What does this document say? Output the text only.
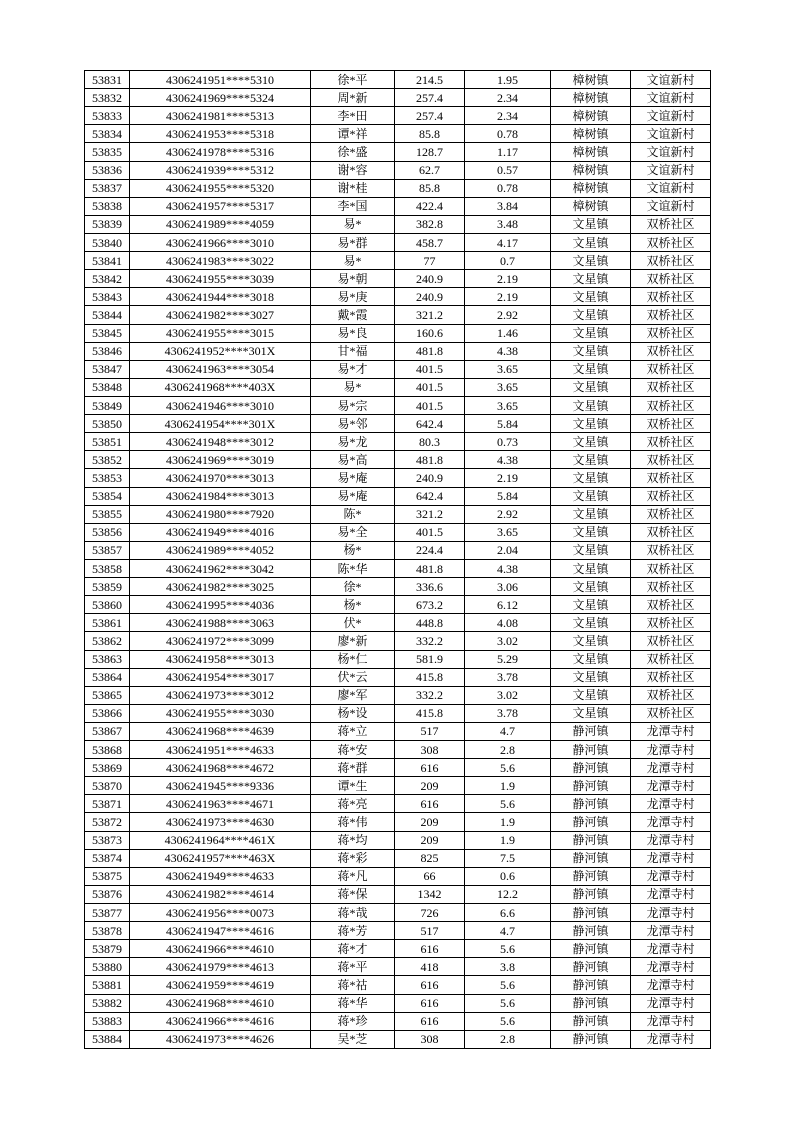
53831	4306241951****5310	徐*平	214.5	1.95	樟树镇	文谊新村
53832	4306241969****5324	周*新	257.4	2.34	樟树镇	文谊新村
53833	4306241981****5313	李*田	257.4	2.34	樟树镇	文谊新村
53834	4306241953****5318	谭*祥	85.8	0.78	樟树镇	文谊新村
53835	4306241978****5316	徐*盛	128.7	1.17	樟树镇	文谊新村
53836	4306241939****5312	谢*容	62.7	0.57	樟树镇	文谊新村
53837	4306241955****5320	谢*桂	85.8	0.78	樟树镇	文谊新村
53838	4306241957****5317	李*国	422.4	3.84	樟树镇	文谊新村
53839	4306241989****4059	易*	382.8	3.48	文星镇	双桥社区
53840	4306241966****3010	易*群	458.7	4.17	文星镇	双桥社区
53841	4306241983****3022	易*	77	0.7	文星镇	双桥社区
53842	4306241955****3039	易*朝	240.9	2.19	文星镇	双桥社区
53843	4306241944****3018	易*庚	240.9	2.19	文星镇	双桥社区
53844	4306241982****3027	戴*霞	321.2	2.92	文星镇	双桥社区
53845	4306241955****3015	易*良	160.6	1.46	文星镇	双桥社区
53846	4306241952****301X	甘*福	481.8	4.38	文星镇	双桥社区
53847	4306241963****3054	易*才	401.5	3.65	文星镇	双桥社区
53848	4306241968****403X	易*	401.5	3.65	文星镇	双桥社区
53849	4306241946****3010	易*宗	401.5	3.65	文星镇	双桥社区
53850	4306241954****301X	易*邻	642.4	5.84	文星镇	双桥社区
53851	4306241948****3012	易*龙	80.3	0.73	文星镇	双桥社区
53852	4306241969****3019	易*高	481.8	4.38	文星镇	双桥社区
53853	4306241970****3013	易*庵	240.9	2.19	文星镇	双桥社区
53854	4306241984****3013	易*庵	642.4	5.84	文星镇	双桥社区
53855	4306241980****7920	陈*	321.2	2.92	文星镇	双桥社区
53856	4306241949****4016	易*全	401.5	3.65	文星镇	双桥社区
53857	4306241989****4052	杨*	224.4	2.04	文星镇	双桥社区
53858	4306241962****3042	陈*华	481.8	4.38	文星镇	双桥社区
53859	4306241982****3025	徐*	336.6	3.06	文星镇	双桥社区
53860	4306241995****4036	杨*	673.2	6.12	文星镇	双桥社区
53861	4306241988****3063	伏*	448.8	4.08	文星镇	双桥社区
53862	4306241972****3099	廖*新	332.2	3.02	文星镇	双桥社区
53863	4306241958****3013	杨*仁	581.9	5.29	文星镇	双桥社区
53864	4306241954****3017	伏*云	415.8	3.78	文星镇	双桥社区
53865	4306241973****3012	廖*军	332.2	3.02	文星镇	双桥社区
53866	4306241955****3030	杨*设	415.8	3.78	文星镇	双桥社区
53867	4306241968****4639	蒋*立	517	4.7	静河镇	龙潭寺村
53868	4306241951****4633	蒋*安	308	2.8	静河镇	龙潭寺村
53869	4306241968****4672	蒋*群	616	5.6	静河镇	龙潭寺村
53870	4306241945****9336	谭*生	209	1.9	静河镇	龙潭寺村
53871	4306241963****4671	蒋*亮	616	5.6	静河镇	龙潭寺村
53872	4306241973****4630	蒋*伟	209	1.9	静河镇	龙潭寺村
53873	4306241964****461X	蒋*均	209	1.9	静河镇	龙潭寺村
53874	4306241957****463X	蒋*彩	825	7.5	静河镇	龙潭寺村
53875	4306241949****4633	蒋*凡	66	0.6	静河镇	龙潭寺村
53876	4306241982****4614	蒋*保	1342	12.2	静河镇	龙潭寺村
53877	4306241956****0073	蒋*哉	726	6.6	静河镇	龙潭寺村
53878	4306241947****4616	蒋*芳	517	4.7	静河镇	龙潭寺村
53879	4306241966****4610	蒋*才	616	5.6	静河镇	龙潭寺村
53880	4306241979****4613	蒋*平	418	3.8	静河镇	龙潭寺村
53881	4306241959****4619	蒋*祜	616	5.6	静河镇	龙潭寺村
53882	4306241968****4610	蒋*华	616	5.6	静河镇	龙潭寺村
53883	4306241966****4616	蒋*珍	616	5.6	静河镇	龙潭寺村
53884	4306241973****4626	吴*芝	308	2.8	静河镇	龙潭寺村
